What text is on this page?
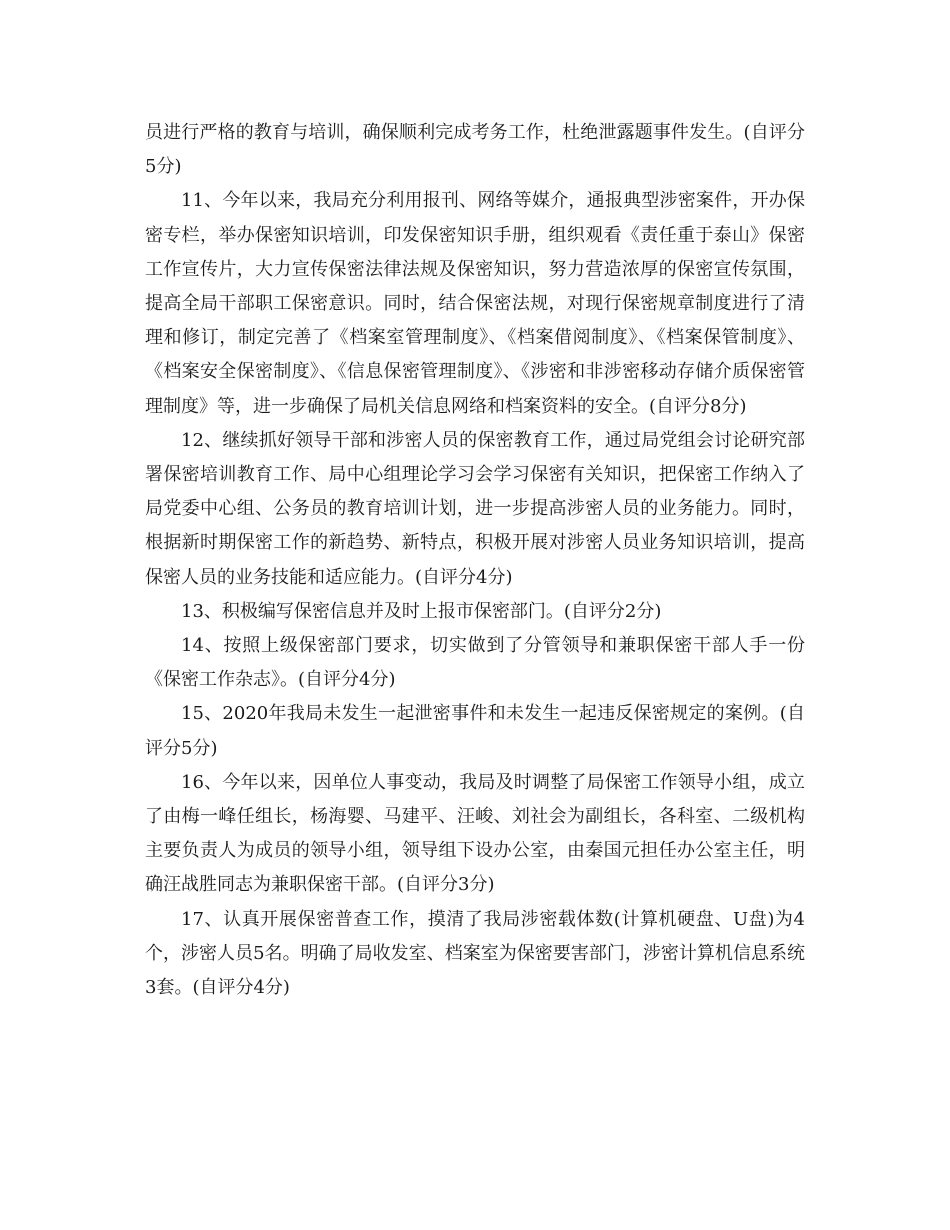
员进行严格的教育与培训，确保顺利完成考务工作，杜绝泄露题事件发生。(自评分5分)

11、今年以来，我局充分利用报刊、网络等媒介，通报典型涉密案件，开办保密专栏，举办保密知识培训，印发保密知识手册，组织观看《责任重于泰山》保密工作宣传片，大力宣传保密法律法规及保密知识，努力营造浓厚的保密宣传氛围，提高全局干部职工保密意识。同时，结合保密法规，对现行保密规章制度进行了清理和修订，制定完善了《档案室管理制度》、《档案借阅制度》、《档案保管制度》、《档案安全保密制度》、《信息保密管理制度》、《涉密和非涉密移动存储介质保密管理制度》等，进一步确保了局机关信息网络和档案资料的安全。(自评分8分)

12、继续抓好领导干部和涉密人员的保密教育工作，通过局党组会讨论研究部署保密培训教育工作、局中心组理论学习会学习保密有关知识，把保密工作纳入了局党委中心组、公务员的教育培训计划，进一步提高涉密人员的业务能力。同时，根据新时期保密工作的新趋势、新特点，积极开展对涉密人员业务知识培训，提高保密人员的业务技能和适应能力。(自评分4分)

13、积极编写保密信息并及时上报市保密部门。(自评分2分)

14、按照上级保密部门要求，切实做到了分管领导和兼职保密干部人手一份《保密工作杂志》。(自评分4分)

15、2020年我局未发生一起泄密事件和未发生一起违反保密规定的案例。(自评分5分)

16、今年以来，因单位人事变动，我局及时调整了局保密工作领导小组，成立了由梅一峰任组长，杨海婴、马建平、汪峻、刘社会为副组长，各科室、二级机构主要负责人为成员的领导小组，领导组下设办公室，由秦国元担任办公室主任，明确汪战胜同志为兼职保密干部。(自评分3分)

17、认真开展保密普查工作，摸清了我局涉密载体数(计算机硬盘、U盘)为4个，涉密人员5名。明确了局收发室、档案室为保密要害部门，涉密计算机信息系统3套。(自评分4分)
